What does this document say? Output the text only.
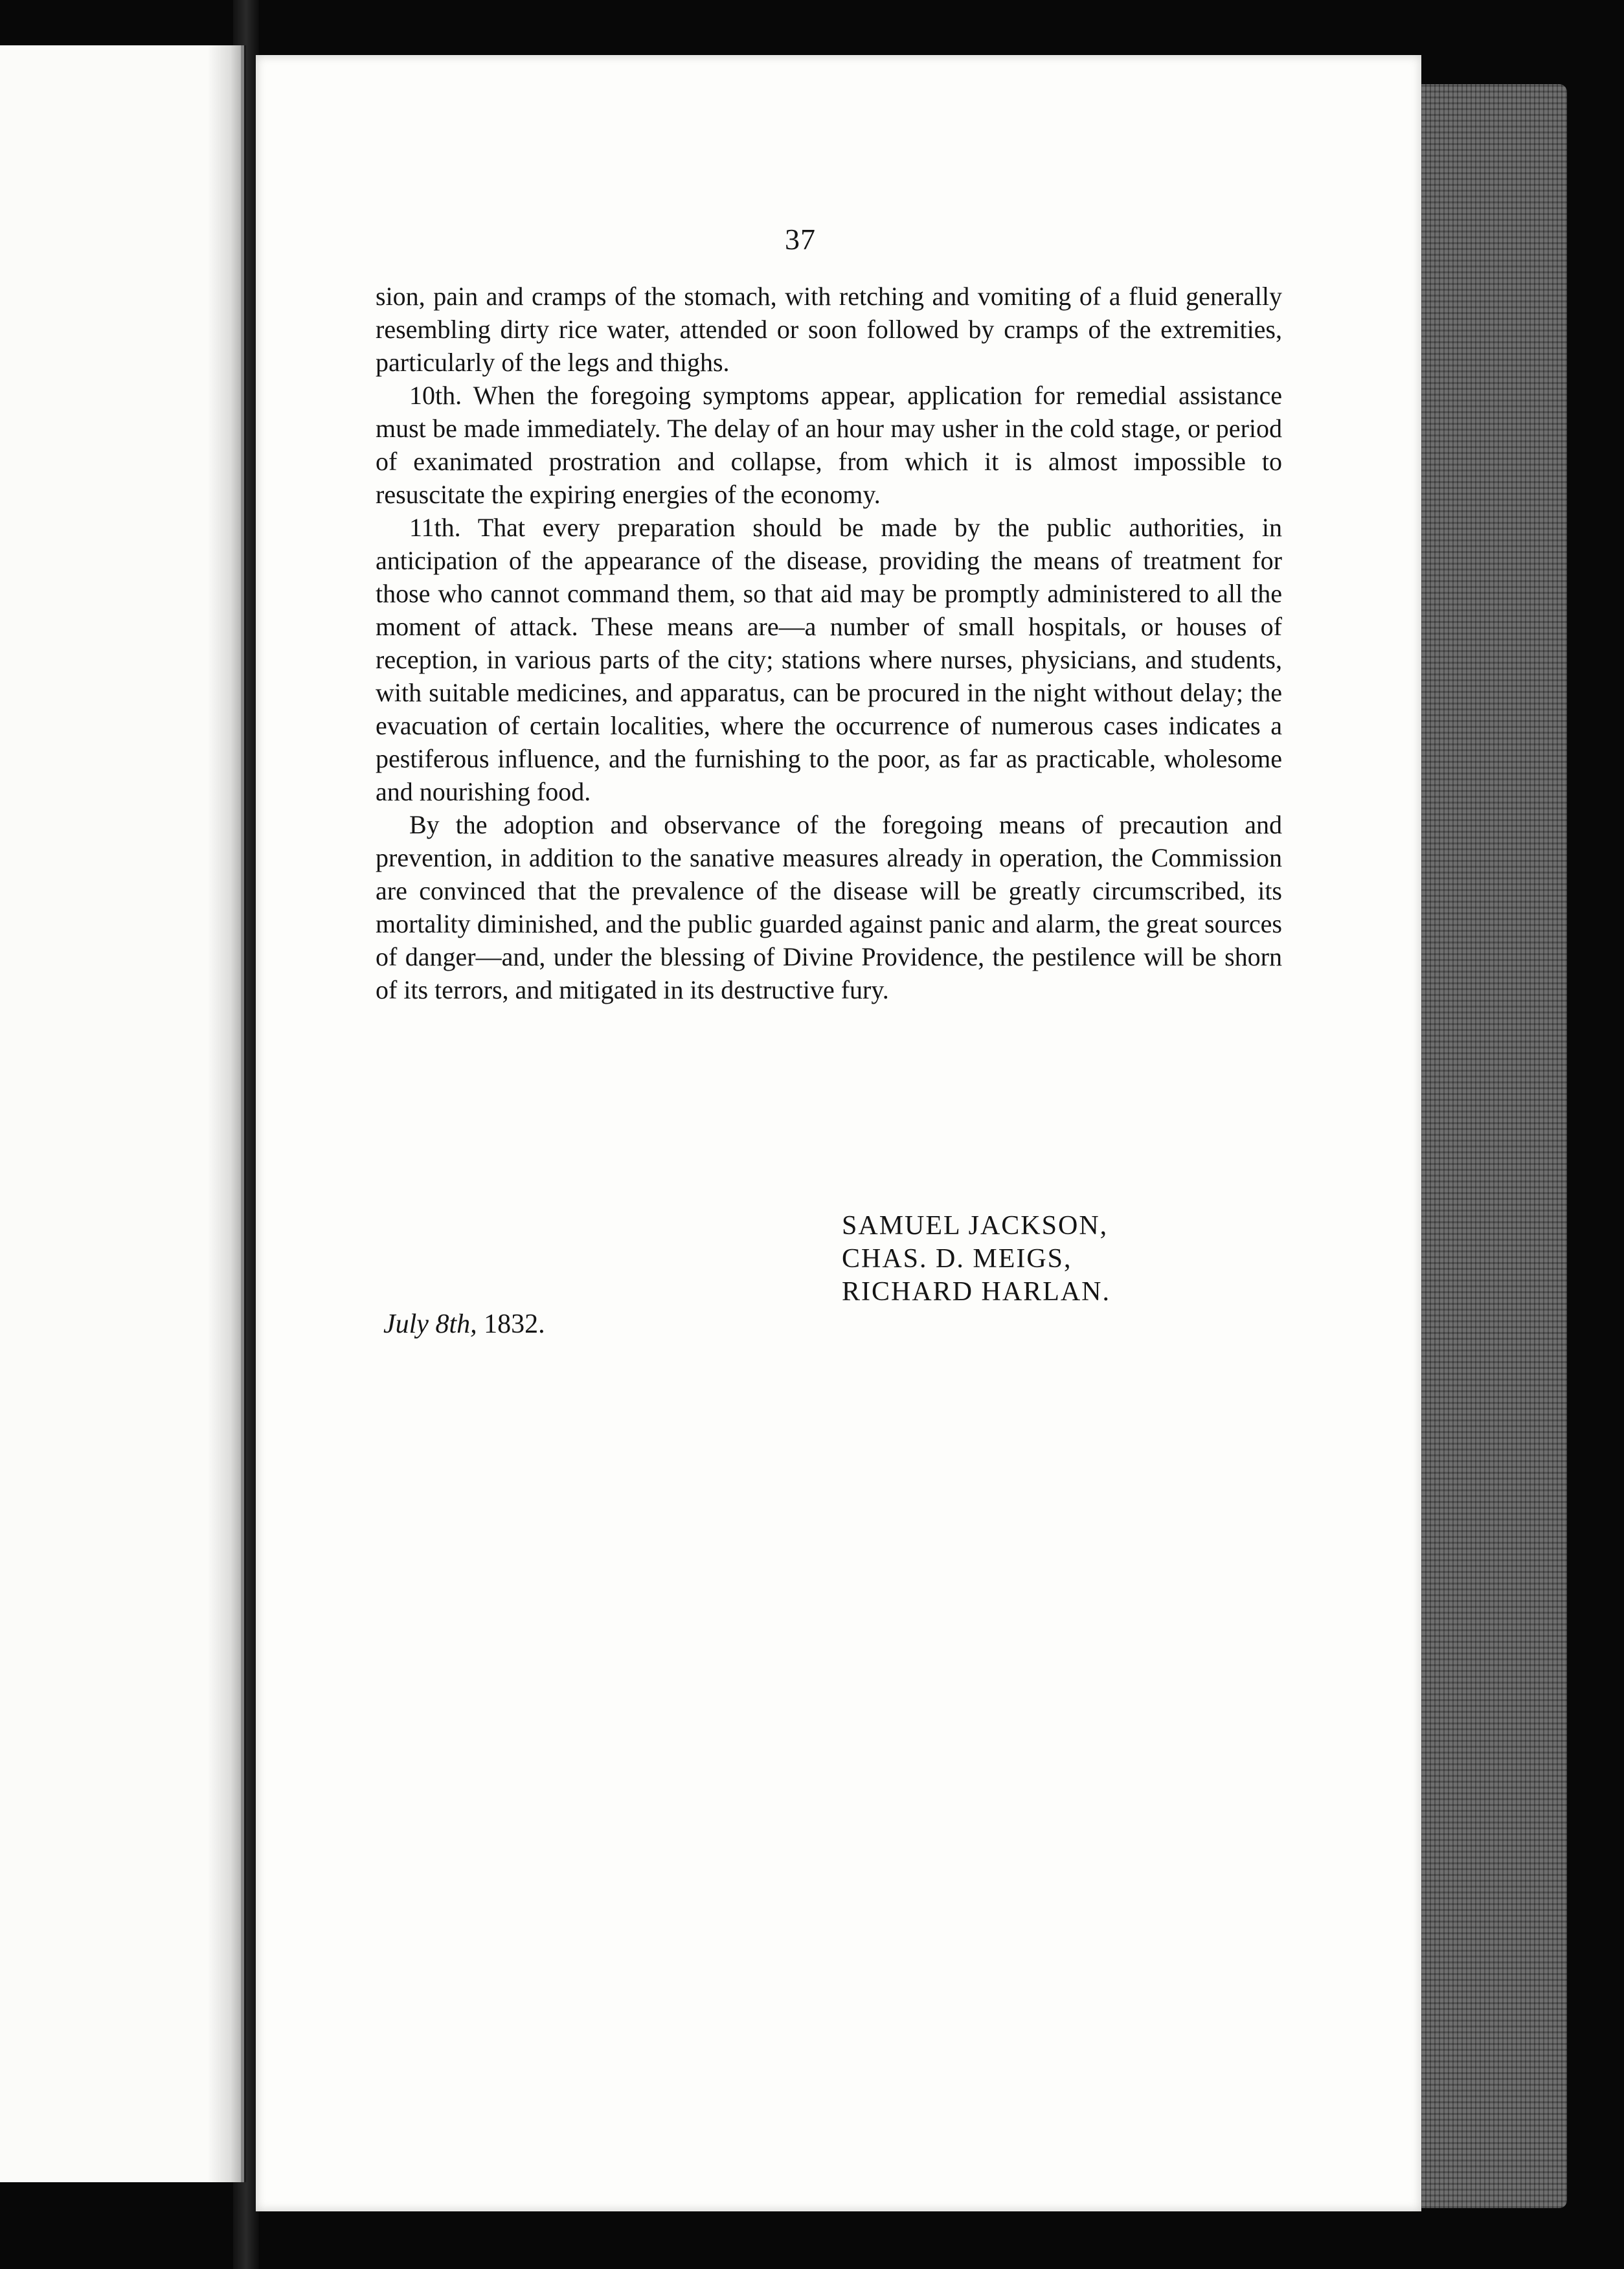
37

sion, pain and cramps of the stomach, with retching and vomiting of a fluid generally resembling dirty rice water, attended or soon followed by cramps of the extremities, particularly of the legs and thighs.

10th. When the foregoing symptoms appear, application for remedial assistance must be made immediately. The delay of an hour may usher in the cold stage, or period of exanimated prostration and collapse, from which it is almost impossible to resuscitate the expiring energies of the economy.

11th. That every preparation should be made by the public authorities, in anticipation of the appearance of the disease, providing the means of treatment for those who cannot command them, so that aid may be promptly administered to all the moment of attack. These means are—a number of small hospitals, or houses of reception, in various parts of the city; stations where nurses, physicians, and students, with suitable medicines, and apparatus, can be procured in the night without delay; the evacuation of certain localities, where the occurrence of numerous cases indicates a pestiferous influence, and the furnishing to the poor, as far as practicable, wholesome and nourishing food.

By the adoption and observance of the foregoing means of precaution and prevention, in addition to the sanative measures already in operation, the Commission are convinced that the prevalence of the disease will be greatly circumscribed, its mortality diminished, and the public guarded against panic and alarm, the great sources of danger—and, under the blessing of Divine Providence, the pestilence will be shorn of its terrors, and mitigated in its destructive fury.

SAMUEL JACKSON,
CHAS. D. MEIGS,
RICHARD HARLAN.
July 8th, 1832.
